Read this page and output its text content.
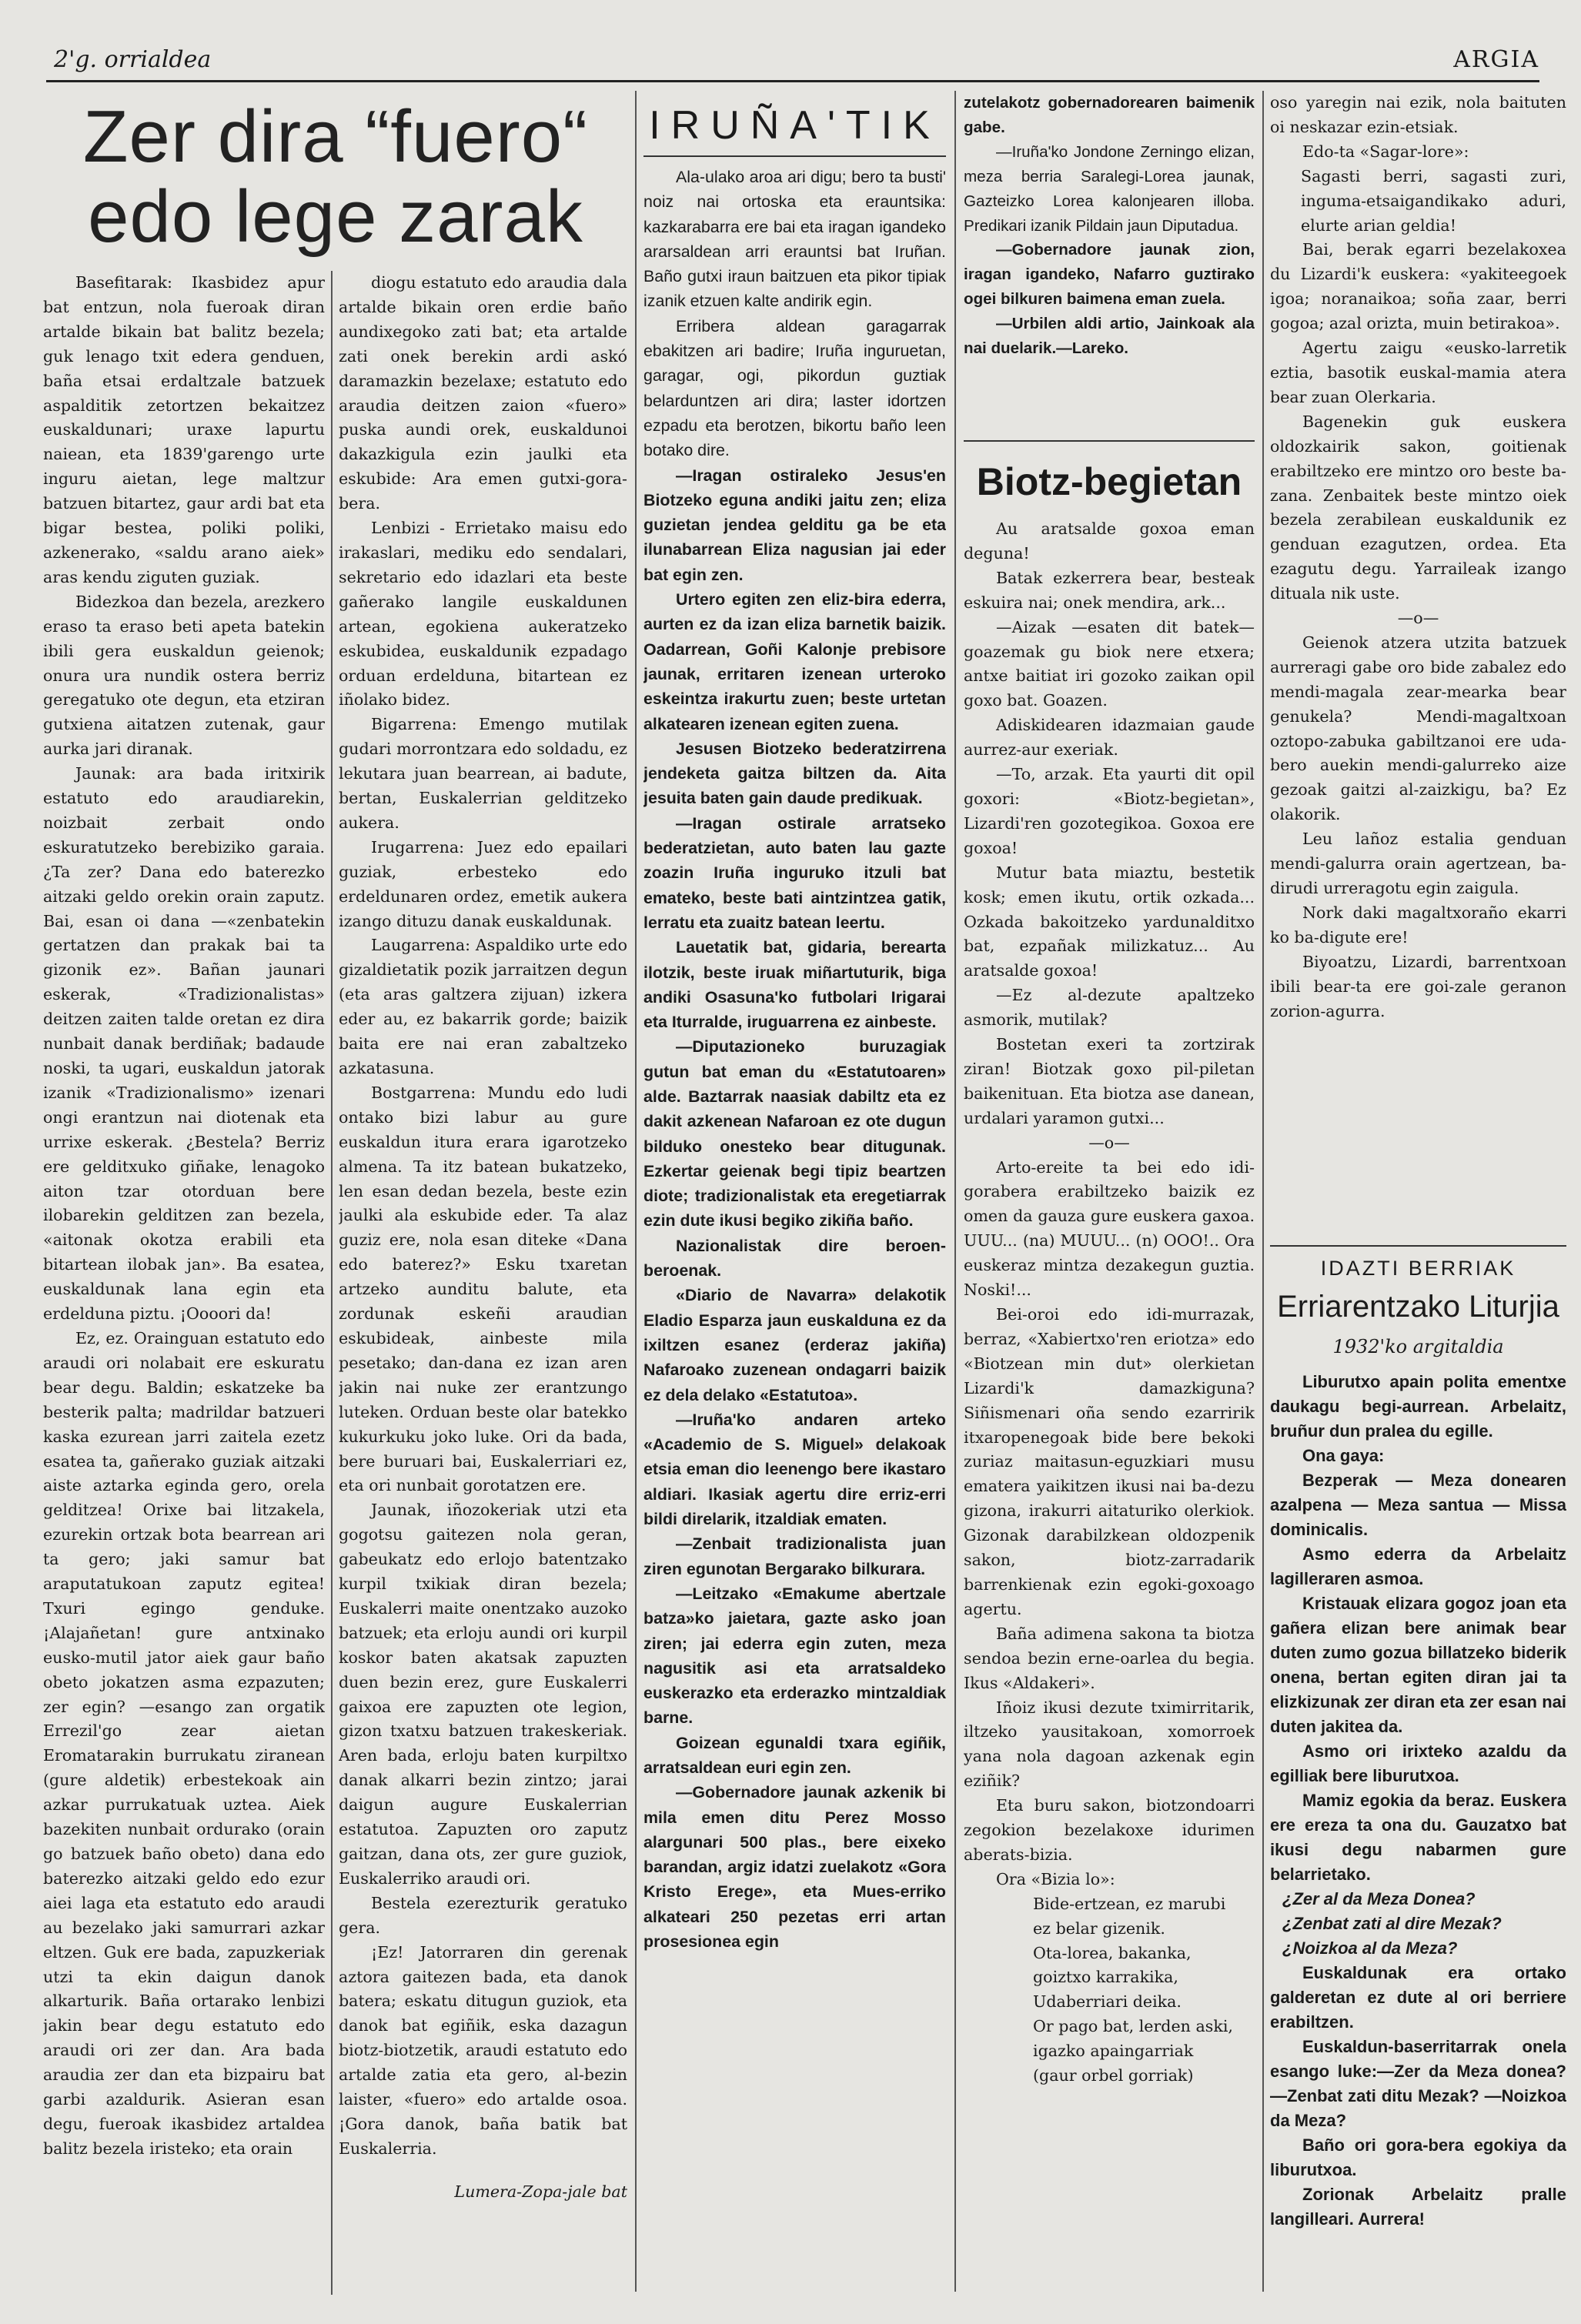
2'g. orrialdea	ARGIA
Zer dira “fuero“
edo lege zarak

Basefitarak: Ikasbidez apur bat entzun, nola fueroak diran artalde bikain bat balitz bezela; guk lenago txit edera genduen, baña etsai erdaltzale batzuek aspalditik zetortzen bekaitzez euskaldunari; uraxe lapurtu naiean, eta 1839'garengo urte inguru aietan, lege maltzur batzuen bitartez, gaur ardi bat eta bigar bestea, poliki poliki, azkenerako, «saldu arano aiek» aras kendu ziguten guziak.

Bidezkoa dan bezela, arezkero eraso ta eraso beti apeta batekin ibili gera euskaldun geienok; onura ura nundik ostera berriz geregatuko ote degun, eta etziran gutxiena aitatzen zutenak, gaur aurka jari diranak.

Jaunak: ara bada iritxirik estatuto edo araudiarekin, noizbait zerbait ondo eskuratutzeko berebiziko garaia. ¿Ta zer? Dana edo baterezko aitzaki geldo orekin orain zaputz. Bai, esan oi dana —«zenbatekin gertatzen dan prakak bai ta gizonik ez». Bañan jaunari eskerak, «Tradizionalistas» deitzen zaiten talde oretan ez dira nunbait danak berdiñak; badaude noski, ta ugari, euskaldun jatorak izanik «Tradizionalismo» izenari ongi erantzun nai diotenak eta urrixe eskerak. ¿Bestela? Berriz ere gelditxuko giñake, lenagoko aiton tzar otorduan bere ilobarekin gelditzen zan bezela, «aitonak okotza erabili eta bitartean ilobak jan». Ba esatea, euskaldunak lana egin eta erdelduna piztu. ¡Oooori da!

Ez, ez. Orainguan estatuto edo araudi ori nolabait ere eskuratu bear degu. Baldin; eskatzeke ba besterik palta; madrildar batzueri kaska ezurean jarri zaitela ezetz esatea ta, gañerako guziak aitzaki aiste aztarka eginda gero, orela gelditzea! Orixe bai litzakela, ezurekin ortzak bota bearrean ari ta gero; jaki samur bat araputatukoan zaputz egitea! Txuri egingo genduke. ¡Alajañetan! gure antxinako eusko-mutil jator aiek gaur baño obeto jokatzen asma ezpazuten; zer egin? —esango zan orgatik Errezil'go zear aietan Eromatarakin burrukatu ziranean (gure aldetik) erbestekoak ain azkar purrukatuak uztea. Aiek bazekiten nunbait ordurako (orain go batzuek baño obeto) dana edo baterezko aitzaki geldo edo ezur aiei laga eta estatuto edo araudi au bezelako jaki samurrari azkar eltzen. Guk ere bada, zapuzkeriak utzi ta ekin daigun danok alkarturik. Baña ortarako lenbizi jakin bear degu estatuto edo araudi ori zer dan. Ara bada araudia zer dan eta bizpairu bat garbi azaldurik. Asieran esan degu, fueroak ikasbidez artaldea balitz bezela iristeko; eta orain

diogu estatuto edo araudia dala artalde bikain oren erdie baño aundixegoko zati bat; eta artalde zati onek berekin ardi askó daramazkin bezelaxe; estatuto edo araudia deitzen zaion «fuero» puska aundi orek, euskaldunoi dakazkigula ezin jaulki eta eskubide: Ara emen gutxi-gora-bera.

Lenbizi - Errietako maisu edo irakaslari, mediku edo sendalari, sekretario edo idazlari eta beste gañerako langile euskaldunen artean, egokiena aukeratzeko eskubidea, euskaldunik ezpadago orduan erdelduna, bitartean ez iñolako bidez.

Bigarrena: Emengo mutilak gudari morrontzara edo soldadu, ez lekutara juan bearrean, ai badute, bertan, Euskalerrian gelditzeko aukera.

Irugarrena: Juez edo epailari guziak, erbesteko edo erdeldunaren ordez, emetik aukera izango dituzu danak euskaldunak.

Laugarrena: Aspaldiko urte edo gizaldietatik pozik jarraitzen degun (eta aras galtzera zijuan) izkera eder au, ez bakarrik gorde; baizik baita ere nai eran zabaltzeko azkatasuna.

Bostgarrena: Mundu edo ludi ontako bizi labur au gure euskaldun itura erara igarotzeko almena. Ta itz batean bukatzeko, len esan dedan bezela, beste ezin jaulki ala eskubide eder. Ta alaz guziz ere, nola esan diteke «Dana edo baterez?» Esku txaretan artzeko aunditu balute, eta zordunak eskeñi araudian eskubideak, ainbeste mila pesetako; dan-dana ez izan aren jakin nai nuke zer erantzungo luteken. Orduan beste olar batekko kukurkuku joko luke. Ori da bada, bere buruari bai, Euskalerriari ez, eta ori nunbait gorotatzen ere.

Jaunak, iñozokeriak utzi eta gogotsu gaitezen nola geran, gabeukatz edo erlojo batentzako kurpil txikiak diran bezela; Euskalerri maite onentzako auzoko batzuek; eta erloju aundi ori kurpil koskor baten akatsak zapuzten duen bezin erez, gure Euskalerri gaixoa ere zapuzten ote legion, gizon txatxu batzuen trakeskeriak. Aren bada, erloju baten kurpiltxo danak alkarri bezin zintzo; jarai daigun augure Euskalerrian estatutoa. Zapuzten oro zaputz gaitzan, dana ots, zer gure guziok, Euskalerriko araudi ori.

Bestela ezerezturik geratuko gera.

¡Ez! Jatorraren din gerenak aztora gaitezen bada, eta danok batera; eskatu ditugun guziok, eta danok bat egiñik, eska dazagun biotz-biotzetik, araudi estatuto edo artalde zatia eta gero, al-bezin laister, «fuero» edo artalde osoa. ¡Gora danok, baña batik bat Euskalerria.

Lumera-Zopa-jale bat

IRUÑA'TIK

Ala-ulako aroa ari digu; bero ta busti' noiz nai ortoska eta erauntsika: kazkarabarra ere bai eta iragan igandeko ararsaldean arri erauntsi bat Iruñan. Baño gutxi iraun baitzuen eta pikor tipiak izanik etzuen kalte andirik egin.

Erribera aldean garagarrak ebakitzen ari badire; Iruña inguruetan, garagar, ogi, pikordun guztiak belarduntzen ari dira; laster idortzen ezpadu eta berotzen, bikortu baño leen botako dire.

—Iragan ostiraleko Jesus'en Biotzeko eguna andiki jaitu zen; eliza guzietan jendea gelditu ga be eta ilunabarrean Eliza nagusian jai eder bat egin zen.

Urtero egiten zen eliz-bira ederra, aurten ez da izan eliza barnetik baizik. Oadarrean, Goñi Kalonje prebisore jaunak, erritaren izenean urteroko eskeintza irakurtu zuen; beste urtetan alkatearen izenean egiten zuena.

Jesusen Biotzeko bederatzirrena jendeketa gaitza biltzen da. Aita jesuita baten gain daude predikuak.

—Iragan ostirale arratseko bederatzietan, auto baten lau gazte zoazin Iruña inguruko itzuli bat emateko, beste bati aintzintzea gatik, lerratu eta zuaitz batean leertu.

Lauetatik bat, gidaria, berearta ilotzik, beste iruak miñartuturik, biga andiki Osasuna'ko futbolari Irigarai eta Iturralde, iruguarrena ez ainbeste.

—Diputazioneko buruzagiak gutun bat eman du «Estatutoaren» alde. Baztarrak naasiak dabiltz eta ez dakit azkenean Nafaroan ez ote dugun bilduko onesteko bear ditugunak. Ezkertar geienak begi tipiz beartzen diote; tradizionalistak eta eregetiarrak ezin dute ikusi begiko zikiña baño.

Nazionalistak dire beroen-beroenak.

«Diario de Navarra» delakotik Eladio Esparza jaun euskalduna ez da ixiltzen esanez (erderaz jakiña) Nafaroako zuzenean ondagarri baizik ez dela delako «Estatutoa».

—Iruña'ko andaren arteko «Academio de S. Miguel» delakoak etsia eman dio leenengo bere ikastaro aldiari. Ikasiak agertu dire erriz-erri bildi direlarik, itzaldiak ematen.

—Zenbait tradizionalista juan ziren egunotan Bergarako bilkurara.

—Leitzako «Emakume abertzale batza»ko jaietara, gazte asko joan ziren; jai ederra egin zuten, meza nagusitik asi eta arratsaldeko euskerazko eta erderazko mintzaldiak barne.

Goizean egunaldi txara egiñik, arratsaldean euri egin zen.

—Gobernadore jaunak azkenik bi mila emen ditu Perez Mosso alargunari 500 plas., bere eixeko barandan, argiz idatzi zuelakotz «Gora Kristo Erege», eta Mues-erriko alkateari 250 pezetas erri artan prosesionea egin

zutelakotz gobernadorearen baimenik gabe.

—Iruña'ko Jondone Zerningo elizan, meza berria Saralegi-Lorea jaunak, Gazteizko Lorea kalonjearen illoba. Predikari izanik Pildain jaun Diputadua.

—Gobernadore jaunak zion, iragan igandeko, Nafarro guztirako ogei bilkuren baimena eman zuela.

—Urbilen aldi artio, Jainkoak ala nai duelarik.—Lareko.

Biotz-begietan

Au aratsalde goxoa eman deguna!

Batak ezkerrera bear, besteak eskuira nai; onek mendira, ark...

—Aizak —esaten dit batek—goazemak gu biok nere etxera; antxe baitiat iri gozoko zaikan opil goxo bat. Goazen.

Adiskidearen idazmaian gaude aurrez-aur exeriak.

—To, arzak. Eta yaurti dit opil goxori: «Biotz-begietan», Lizardi'ren gozotegikoa. Goxoa ere goxoa!

Mutur bata miaztu, bestetik kosk; emen ikutu, ortik ozkada... Ozkada bakoitzeko yardunalditxo bat, ezpañak milizkatuz... Au aratsalde goxoa!

—Ez al-dezute apaltzeko asmorik, mutilak?

Bostetan exeri ta zortzirak ziran! Biotzak goxo pil-piletan baikenituan. Eta biotza ase danean, urdalari yaramon gutxi...

—o—

Arto-ereite ta bei edo idi-gorabera erabiltzeko baizik ez omen da gauza gure euskera gaxoa. UUU... (na) MUUU... (n) OOO!.. Ora euskeraz mintza dezakegun guztia. Noski!...

Bei-oroi edo idi-murrazak, berraz, «Xabiertxo'ren eriotza» edo «Biotzean min dut» olerkietan Lizardi'k damazkiguna? Siñismenari oña sendo ezarririk itxaropenegoak bide bere bekoki zuriaz maitasun-eguzkiari musu ematera yaikitzen ikusi nai ba-dezu gizona, irakurri aitaturiko olerkiok. Gizonak darabilzkean oldozpenik sakon, biotz-zarradarik barrenkienak ezin egoki-goxoago agertu.

Baña adimena sakona ta biotza sendoa bezin erne-oarlea du begia. Ikus «Aldakeri».

Iñoiz ikusi dezute tximirritarik, iltzeko yausitakoan, xomorroek yana nola dagoan azkenak egin eziñik?

Eta buru sakon, biotzondoarri zegokion bezelakoxe idurimen aberats-bizia.

Ora «Bizia lo»:

Bide-ertzean, ez marubi

ez belar gizenik.

Ota-lorea, bakanka,

goiztxo karrakika,

Udaberriari deika.

Or pago bat, lerden aski,

igazko apaingarriak

(gaur orbel gorriak)

oso yaregin nai ezik, nola baituten oi neskazar ezin-etsiak.

Edo-ta «Sagar-lore»:

Sagasti berri, sagasti zuri, inguma-etsaigandikako aduri, elurte arian geldia!

Bai, berak egarri bezelakoxea du Lizardi'k euskera: «yakiteegoek igoa; noranaikoa; soña zaar, berri gogoa; azal orizta, muin betirakoa».

Agertu zaigu «eusko-larretik eztia, basotik euskal-mamia atera bear zuan Olerkaria.

Bagenekin guk euskera oldozkairik sakon, goitienak erabiltzeko ere mintzo oro beste ba-zana. Zenbaitek beste mintzo oiek bezela zerabilean euskaldunik ez genduan ezagutzen, ordea. Eta ezagutu degu. Yarraileak izango dituala nik uste.

—o—

Geienok atzera utzita batzuek aurreragi gabe oro bide zabalez edo mendi-magala zear-mearka bear genukela? Mendi-magaltxoan oztopo-zabuka gabiltzanoi ere uda-bero auekin mendi-galurreko aize gezoak gaitzi al-zaizkigu, ba? Ez olakorik.

Leu lañoz estalia genduan mendi-galurra orain agertzean, ba-dirudi urreragotu egin zaigula.

Nork daki magaltxoraño ekarri ko ba-digute ere!

Biyoatzu, Lizardi, barrentxoan ibili bear-ta ere goi-zale geranon zorion-agurra.

IDAZTI BERRIAK
Erriarentzako Liturjia
1932'ko argitaldia

Liburutxo apain polita ementxe daukagu begi-aurrean. Arbelaitz, bruñur dun pralea du egille.

Ona gaya:

Bezperak — Meza donearen azalpena — Meza santua — Missa dominicalis.

Asmo ederra da Arbelaitz lagilleraren asmoa.

Kristauak elizara gogoz joan eta gañera elizan bere animak bear duten zumo gozua billatzeko biderik onena, bertan egiten diran jai ta elizkizunak zer diran eta zer esan nai duten jakitea da.

Asmo ori irixteko azaldu da egilliak bere liburutxoa.

Mamiz egokia da beraz. Euskera ere ereza ta ona du. Gauzatxo bat ikusi degu nabarmen gure belarrietako.

¿Zer al da Meza Donea?

¿Zenbat zati al dire Mezak?

¿Noizkoa al da Meza?

Euskaldunak era ortako galderetan ez dute al ori berriere erabiltzen.

Euskaldun-baserritarrak onela esango luke:—Zer da Meza donea?—Zenbat zati ditu Mezak? —Noizkoa da Meza?

Baño ori gora-bera egokiya da liburutxoa.

Zorionak Arbelaitz pralle langilleari. Aurrera!
